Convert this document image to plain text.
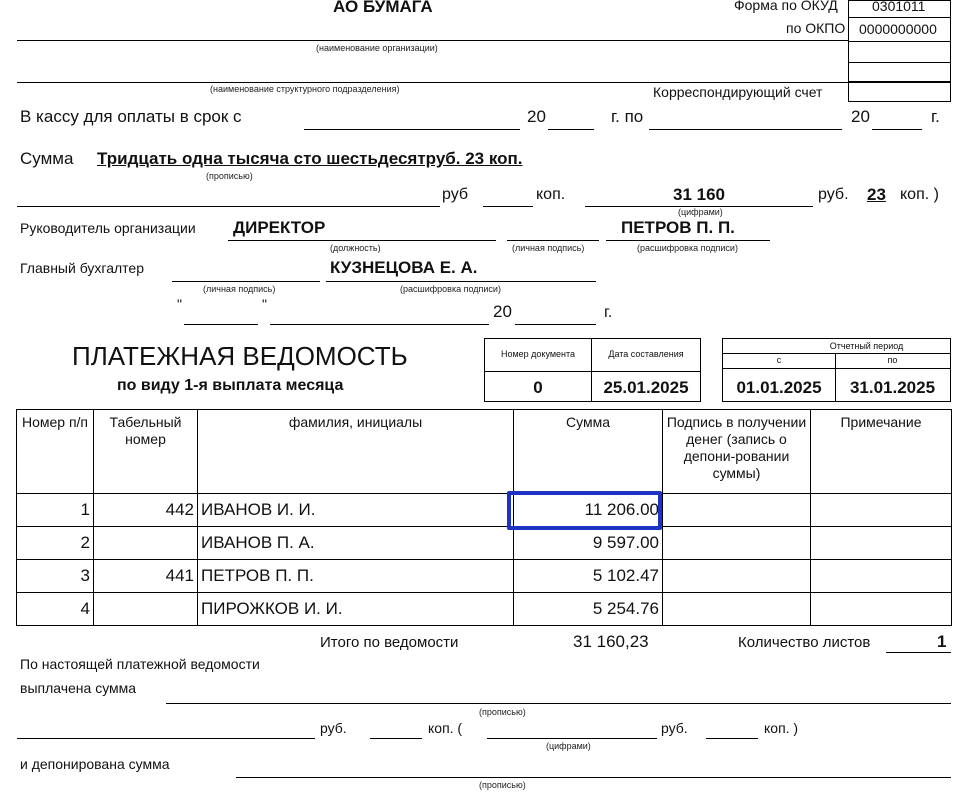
АО БУМАГА	Форма по ОКУД
по ОКПО
0301011
0000000000
(наименование организации)
(наименование структурного подразделения)	Корреспондирующий счет
В кассу для оплаты в срок с	20	г. по	20	г.
Сумма Тридцать одна тысяча сто шестьдесятруб. 23 коп.
(прописью)
руб	коп.	31 160
(цифрами)
руб. 23 коп. )
Руководитель организации ДИРЕКТОР
(должность)	(личная подпись)
ПЕТРОВ П. П.
(расшифровка подписи)
Главный бухгалтер
(личная подпись)
КУЗНЕЦОВА Е. А.
(расшифровка подписи)
"	"	20	г.
ПЛАТЕЖНАЯ ВЕДОМОСТЬ
по виду 1-я выплата месяца
Номер документа
0
Дата составления
25.01.2025
Отчетный период
с	по
01.01.2025	31.01.2025
Номер п/п	Табельный номер	фамилия, инициалы	Сумма	Подпись в получении денег (запись о депони-ровании суммы)	Примечание
1	442	ИВАНОВ И. И.	11 206.00		
2		ИВАНОВ П. А.	9 597.00		
3	441	ПЕТРОВ П. П.	5 102.47		
4		ПИРОЖКОВ И. И.	5 254.76		
Итого по ведомости	31 160,23	Количество листов	1
По настоящей платежной ведомости
выплачена сумма
(прописью)
руб.	коп. (
(цифрами)
руб.	коп. )
и депонирована сумма
(прописью)
